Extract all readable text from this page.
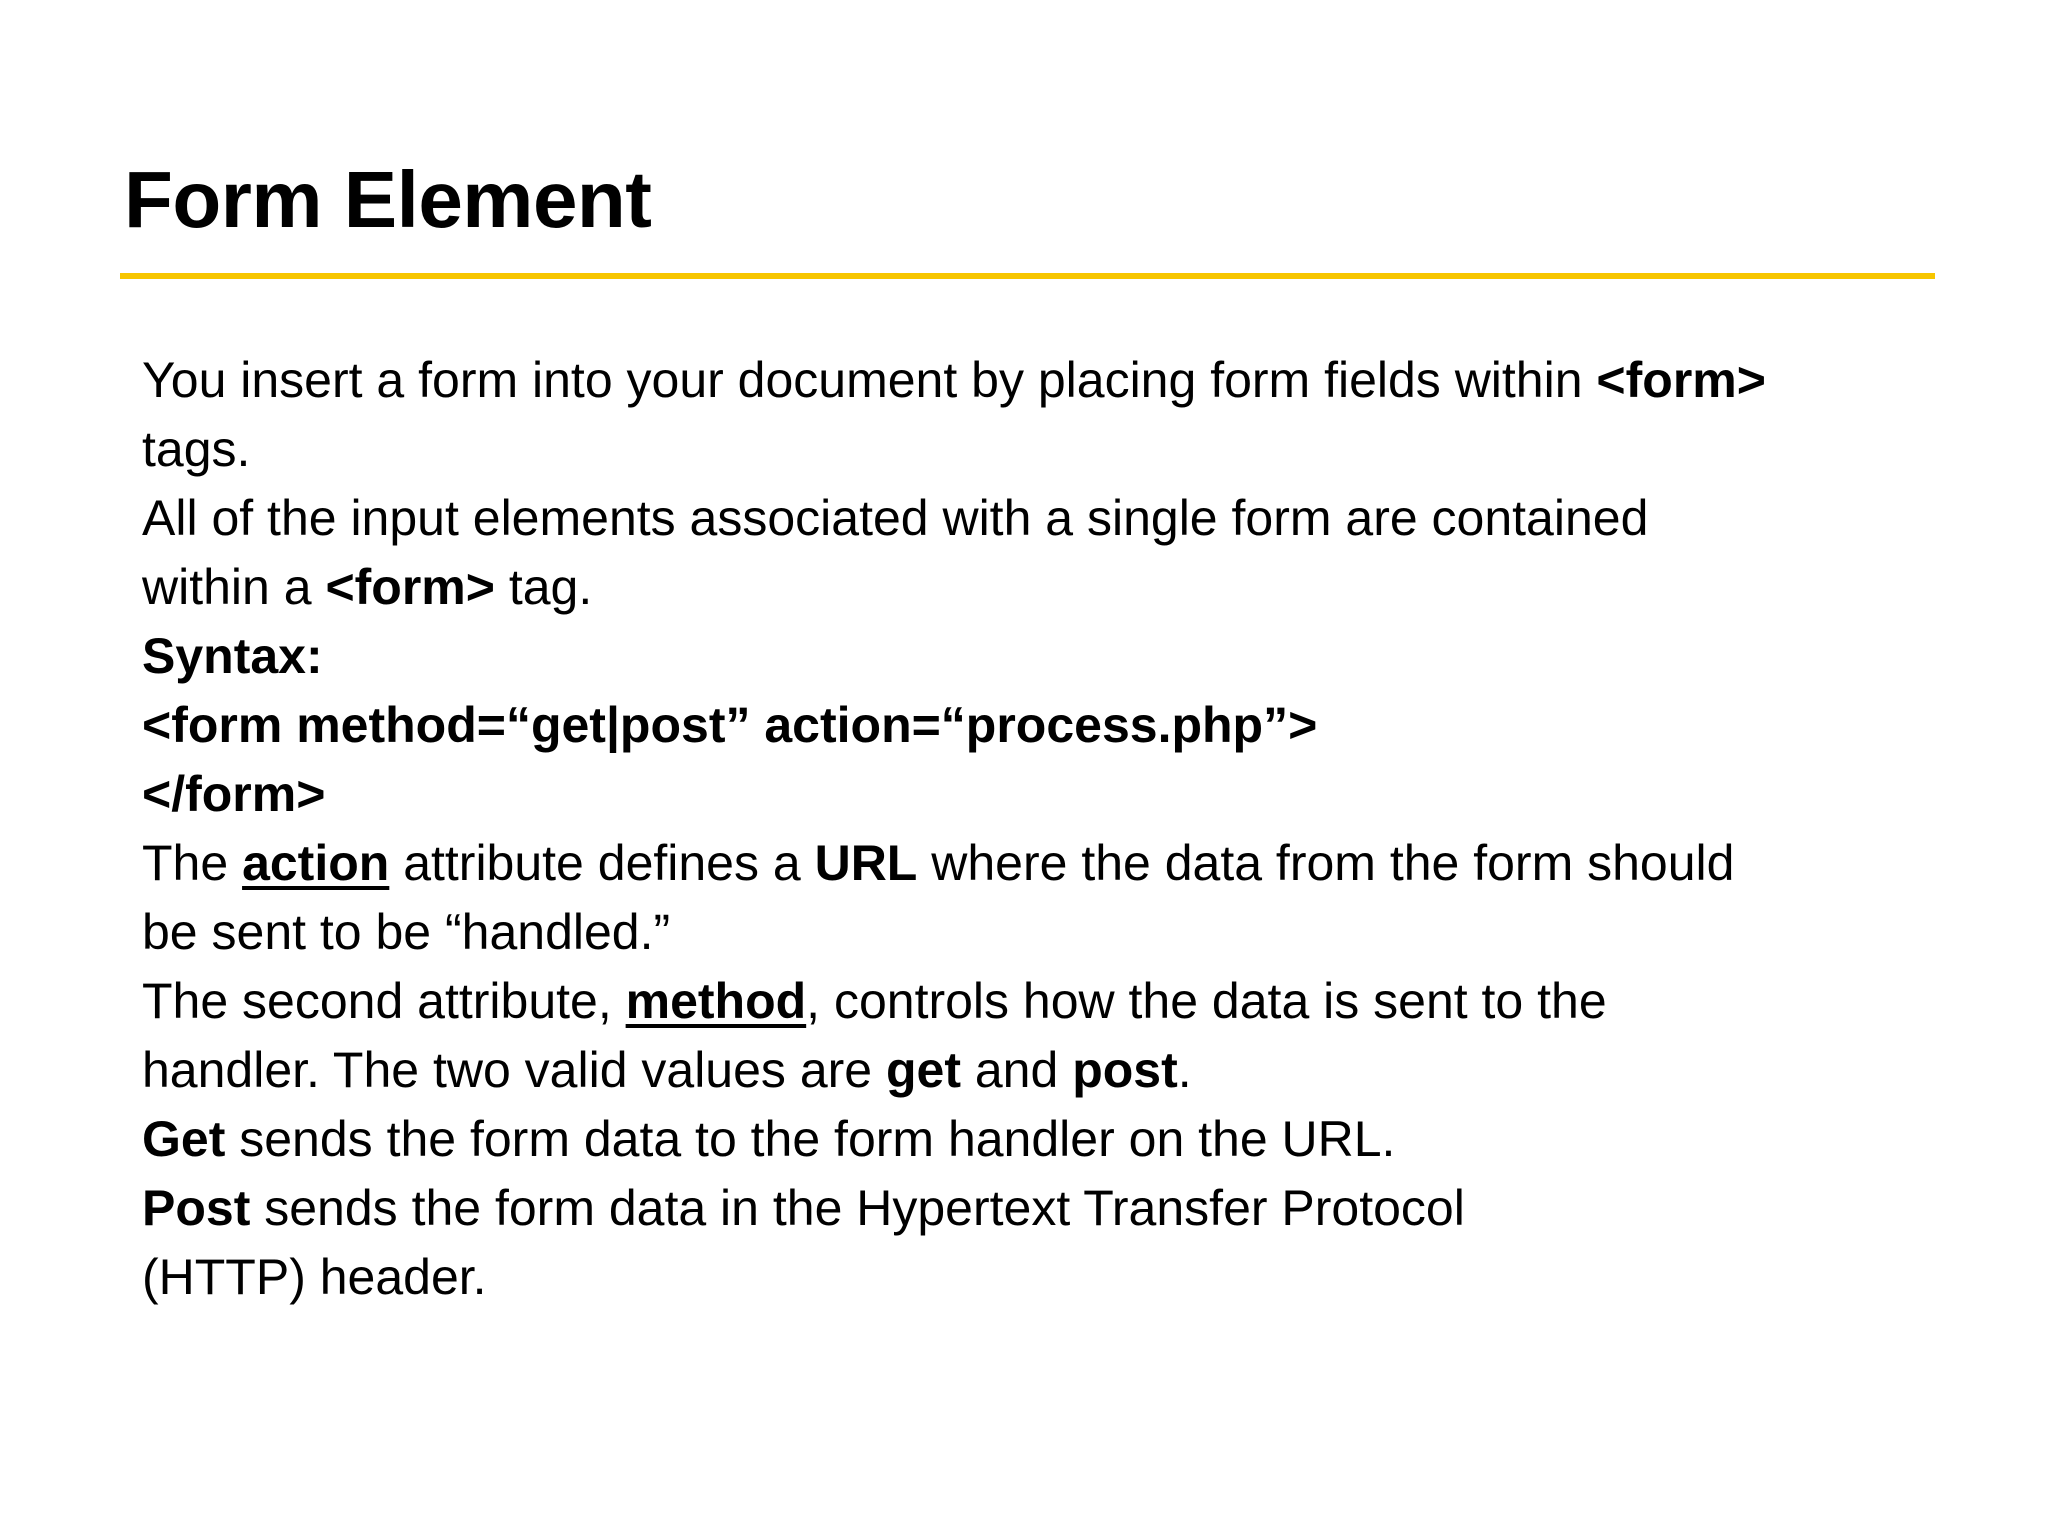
Form Element
You insert a form into your document by placing form fields within <form>
tags.
All of the input elements associated with a single form are contained
within a <form> tag.
Syntax:
<form method=“get|post” action=“process.php”>
</form>
The action attribute defines a URL where the data from the form should
be sent to be “handled.”
The second attribute, method, controls how the data is sent to the
handler. The two valid values are get and post.
Get sends the form data to the form handler on the URL.
Post sends the form data in the Hypertext Transfer Protocol
(HTTP) header.
